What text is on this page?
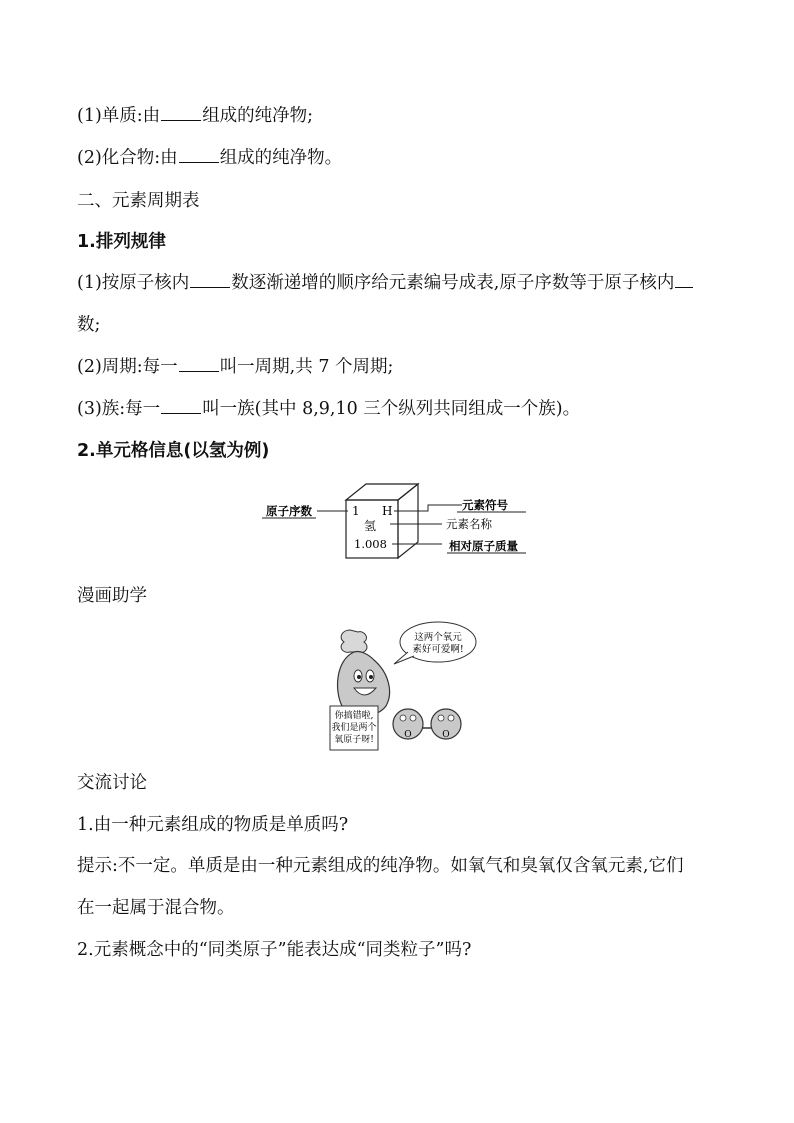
(1)单质:由 组成的纯净物;
(2)化合物:由 组成的纯净物。
二、元素周期表
1.排列规律
(1)按原子核内 数逐渐递增的顺序给元素编号成表,原子序数等于原子核内
数;
(2)周期:每一 叫一周期,共 7 个周期;
(3)族:每一 叫一族(其中 8,9,10 三个纵列共同组成一个族)。
2.单元格信息(以氢为例)
原子序数	1 H
氢
1.008
元素符号
元素名称
相对原子质量
漫画助学
这两个氧元
素好可爱啊!
你搞错啦,
我们是两个
氧原子呀!	O	O
交流讨论
1.由一种元素组成的物质是单质吗?
提示:不一定。单质是由一种元素组成的纯净物。如氧气和臭氧仅含氧元素,它们
在一起属于混合物。
2.元素概念中的“同类原子”能表达成“同类粒子”吗?
